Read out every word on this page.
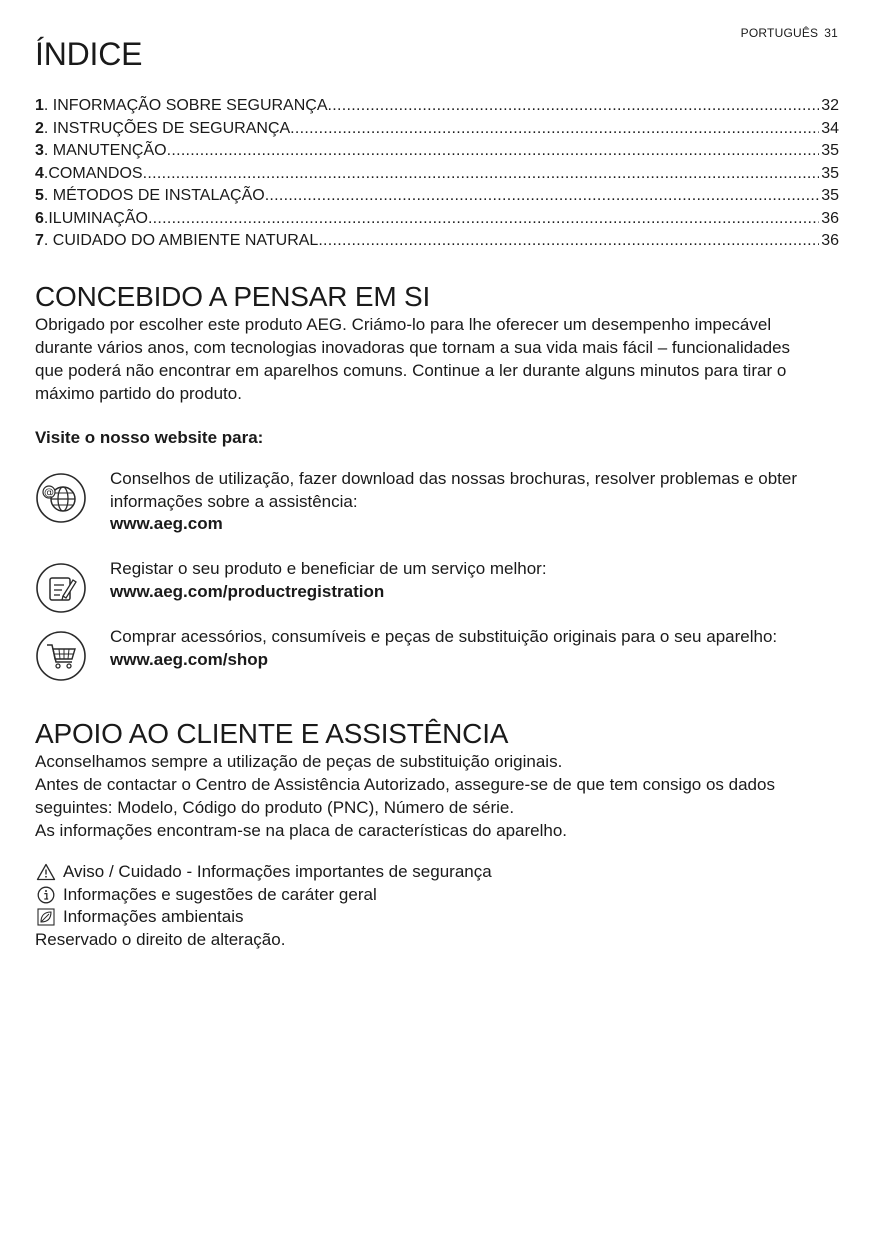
PORTUGUÊS 31
ÍNDICE
1 . INFORMAÇÃO SOBRE SEGURANÇA .....	32
2 . INSTRUÇÕES DE SEGURANÇA .....	34
3 . MANUTENÇÃO .....	35
4 . COMANDOS .....	35
5 . MÉTODOS DE INSTALAÇÃO .....	35
6 . ILUMINAÇÃO .....	36
7 . CUIDADO DO AMBIENTE NATURAL .....	36
CONCEBIDO A PENSAR EM SI

Obrigado por escolher este produto AEG. Criámo-lo para lhe oferecer um desempenho impecável durante vários anos, com tecnologias inovadoras que tornam a sua vida mais fácil – funcionalidades que poderá não encontrar em aparelhos comuns. Continue a ler durante alguns minutos para tirar o máximo partido do produto.

Visite o nosso website para:

@
Conselhos de utilização, fazer download das nossas brochuras, resolver problemas e obter informações sobre a assistência:
www.aeg.com
Registar o seu produto e beneficiar de um serviço melhor:
www.aeg.com/productregistration
Comprar acessórios, consumíveis e peças de substituição originais para o seu aparelho:
www.aeg.com/shop
APOIO AO CLIENTE E ASSISTÊNCIA
Aconselhamos sempre a utilização de peças de substituição originais.
Antes de contactar o Centro de Assistência Autorizado, assegure-se de que tem consigo os dados seguintes: Modelo, Código do produto (PNC), Número de série.
As informações encontram-se na placa de características do aparelho.
Aviso / Cuidado - Informações importantes de segurança
Informações e sugestões de caráter geral
Informações ambientais
Reservado o direito de alteração.
